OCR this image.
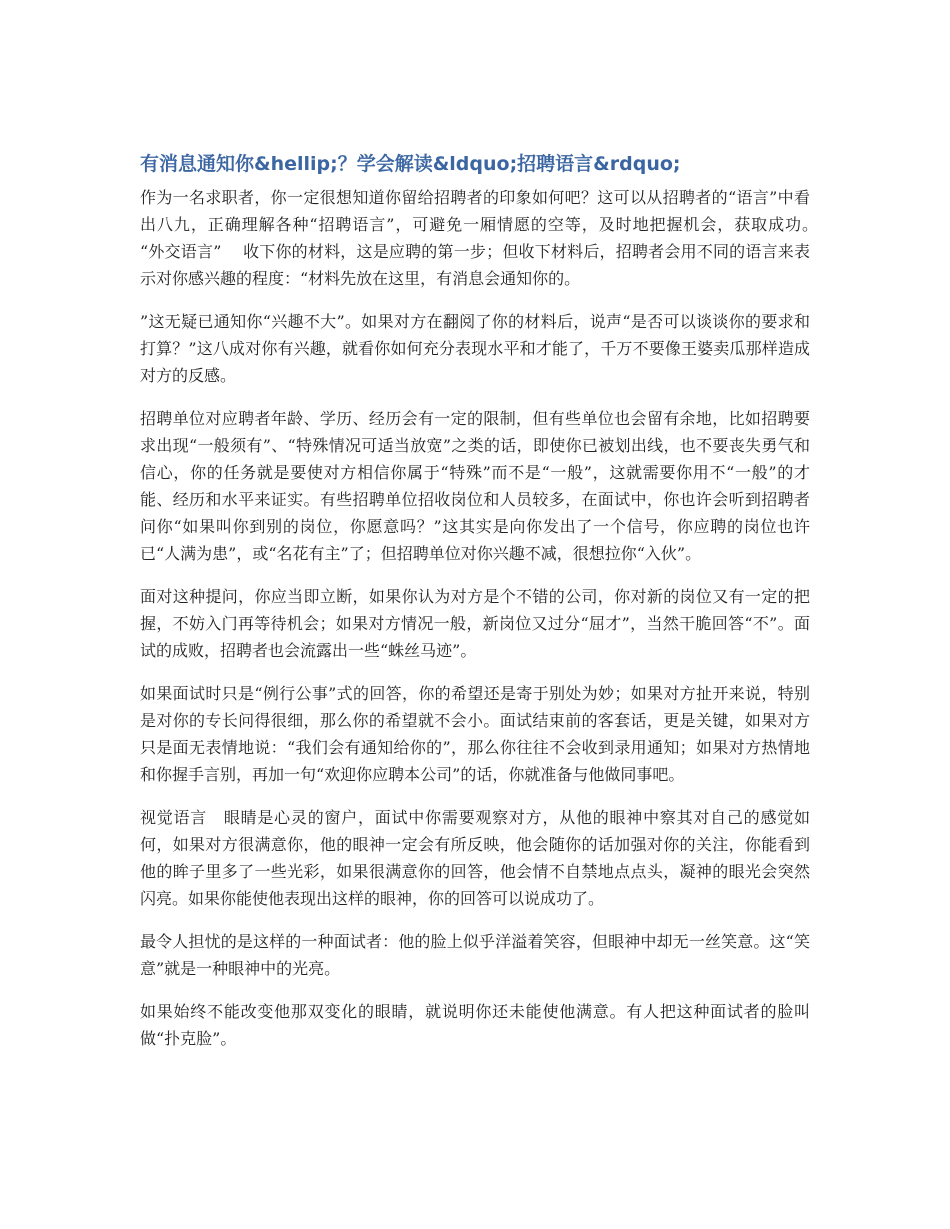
有消息通知你&hellip;？学会解读&ldquo;招聘语言&rdquo;

作为一名求职者，你一定很想知道你留给招聘者的印象如何吧？这可以从招聘者的“语言”中看出八九，正确理解各种“招聘语言”，可避免一厢情愿的空等，及时地把握机会，获取成功。　“外交语言”　 收下你的材料，这是应聘的第一步；但收下材料后，招聘者会用不同的语言来表示对你感兴趣的程度：“材料先放在这里，有消息会通知你的。

”这无疑已通知你“兴趣不大”。如果对方在翻阅了你的材料后，说声“是否可以谈谈你的要求和打算？”这八成对你有兴趣，就看你如何充分表现水平和才能了，千万不要像王婆卖瓜那样造成对方的反感。

招聘单位对应聘者年龄、学历、经历会有一定的限制，但有些单位也会留有余地，比如招聘要求出现“一般须有”、“特殊情况可适当放宽”之类的话，即使你已被划出线，也不要丧失勇气和信心，你的任务就是要使对方相信你属于“特殊”而不是“一般”，这就需要你用不“一般”的才能、经历和水平来证实。有些招聘单位招收岗位和人员较多，在面试中，你也许会听到招聘者问你“如果叫你到别的岗位，你愿意吗？”这其实是向你发出了一个信号，你应聘的岗位也许已“人满为患”，或“名花有主”了；但招聘单位对你兴趣不减，很想拉你“入伙”。

面对这种提问，你应当即立断，如果你认为对方是个不错的公司，你对新的岗位又有一定的把握，不妨入门再等待机会；如果对方情况一般，新岗位又过分“屈才”，当然干脆回答“不”。面试的成败，招聘者也会流露出一些“蛛丝马迹”。

如果面试时只是“例行公事”式的回答，你的希望还是寄于别处为妙；如果对方扯开来说，特别是对你的专长问得很细，那么你的希望就不会小。面试结束前的客套话，更是关键，如果对方只是面无表情地说：“我们会有通知给你的”，那么你往往不会收到录用通知；如果对方热情地和你握手言别，再加一句“欢迎你应聘本公司”的话，你就准备与他做同事吧。

视觉语言　眼睛是心灵的窗户，面试中你需要观察对方，从他的眼神中察其对自己的感觉如何，如果对方很满意你，他的眼神一定会有所反映，他会随你的话加强对你的关注，你能看到他的眸子里多了一些光彩，如果很满意你的回答，他会情不自禁地点点头，凝神的眼光会突然闪亮。如果你能使他表现出这样的眼神，你的回答可以说成功了。

最令人担忧的是这样的一种面试者：他的脸上似乎洋溢着笑容，但眼神中却无一丝笑意。这“笑意”就是一种眼神中的光亮。

如果始终不能改变他那双变化的眼睛，就说明你还未能使他满意。有人把这种面试者的脸叫做“扑克脸”。
